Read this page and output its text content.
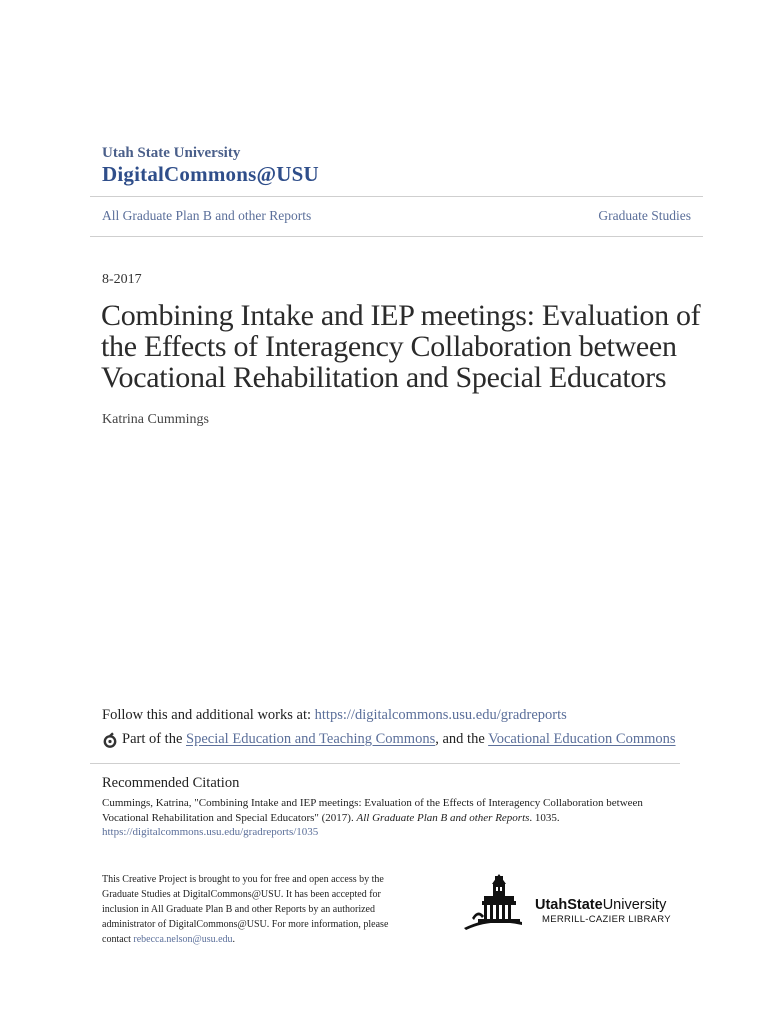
Utah State University
DigitalCommons@USU
All Graduate Plan B and other Reports	Graduate Studies
8-2017
Combining Intake and IEP meetings: Evaluation of
the Effects of Interagency Collaboration between
Vocational Rehabilitation and Special Educators
Katrina Cummings
Follow this and additional works at: https://digitalcommons.usu.edu/gradreports
Part of the Special Education and Teaching Commons, and the Vocational Education Commons
Recommended Citation
Cummings, Katrina, "Combining Intake and IEP meetings: Evaluation of the Effects of Interagency Collaboration between Vocational Rehabilitation and Special Educators" (2017). All Graduate Plan B and other Reports. 1035.
https://digitalcommons.usu.edu/gradreports/1035
This Creative Project is brought to you for free and open access by the Graduate Studies at DigitalCommons@USU. It has been accepted for inclusion in All Graduate Plan B and other Reports by an authorized administrator of DigitalCommons@USU. For more information, please contact rebecca.nelson@usu.edu.
UtahStateUniversity
MERRILL-CAZIER LIBRARY
